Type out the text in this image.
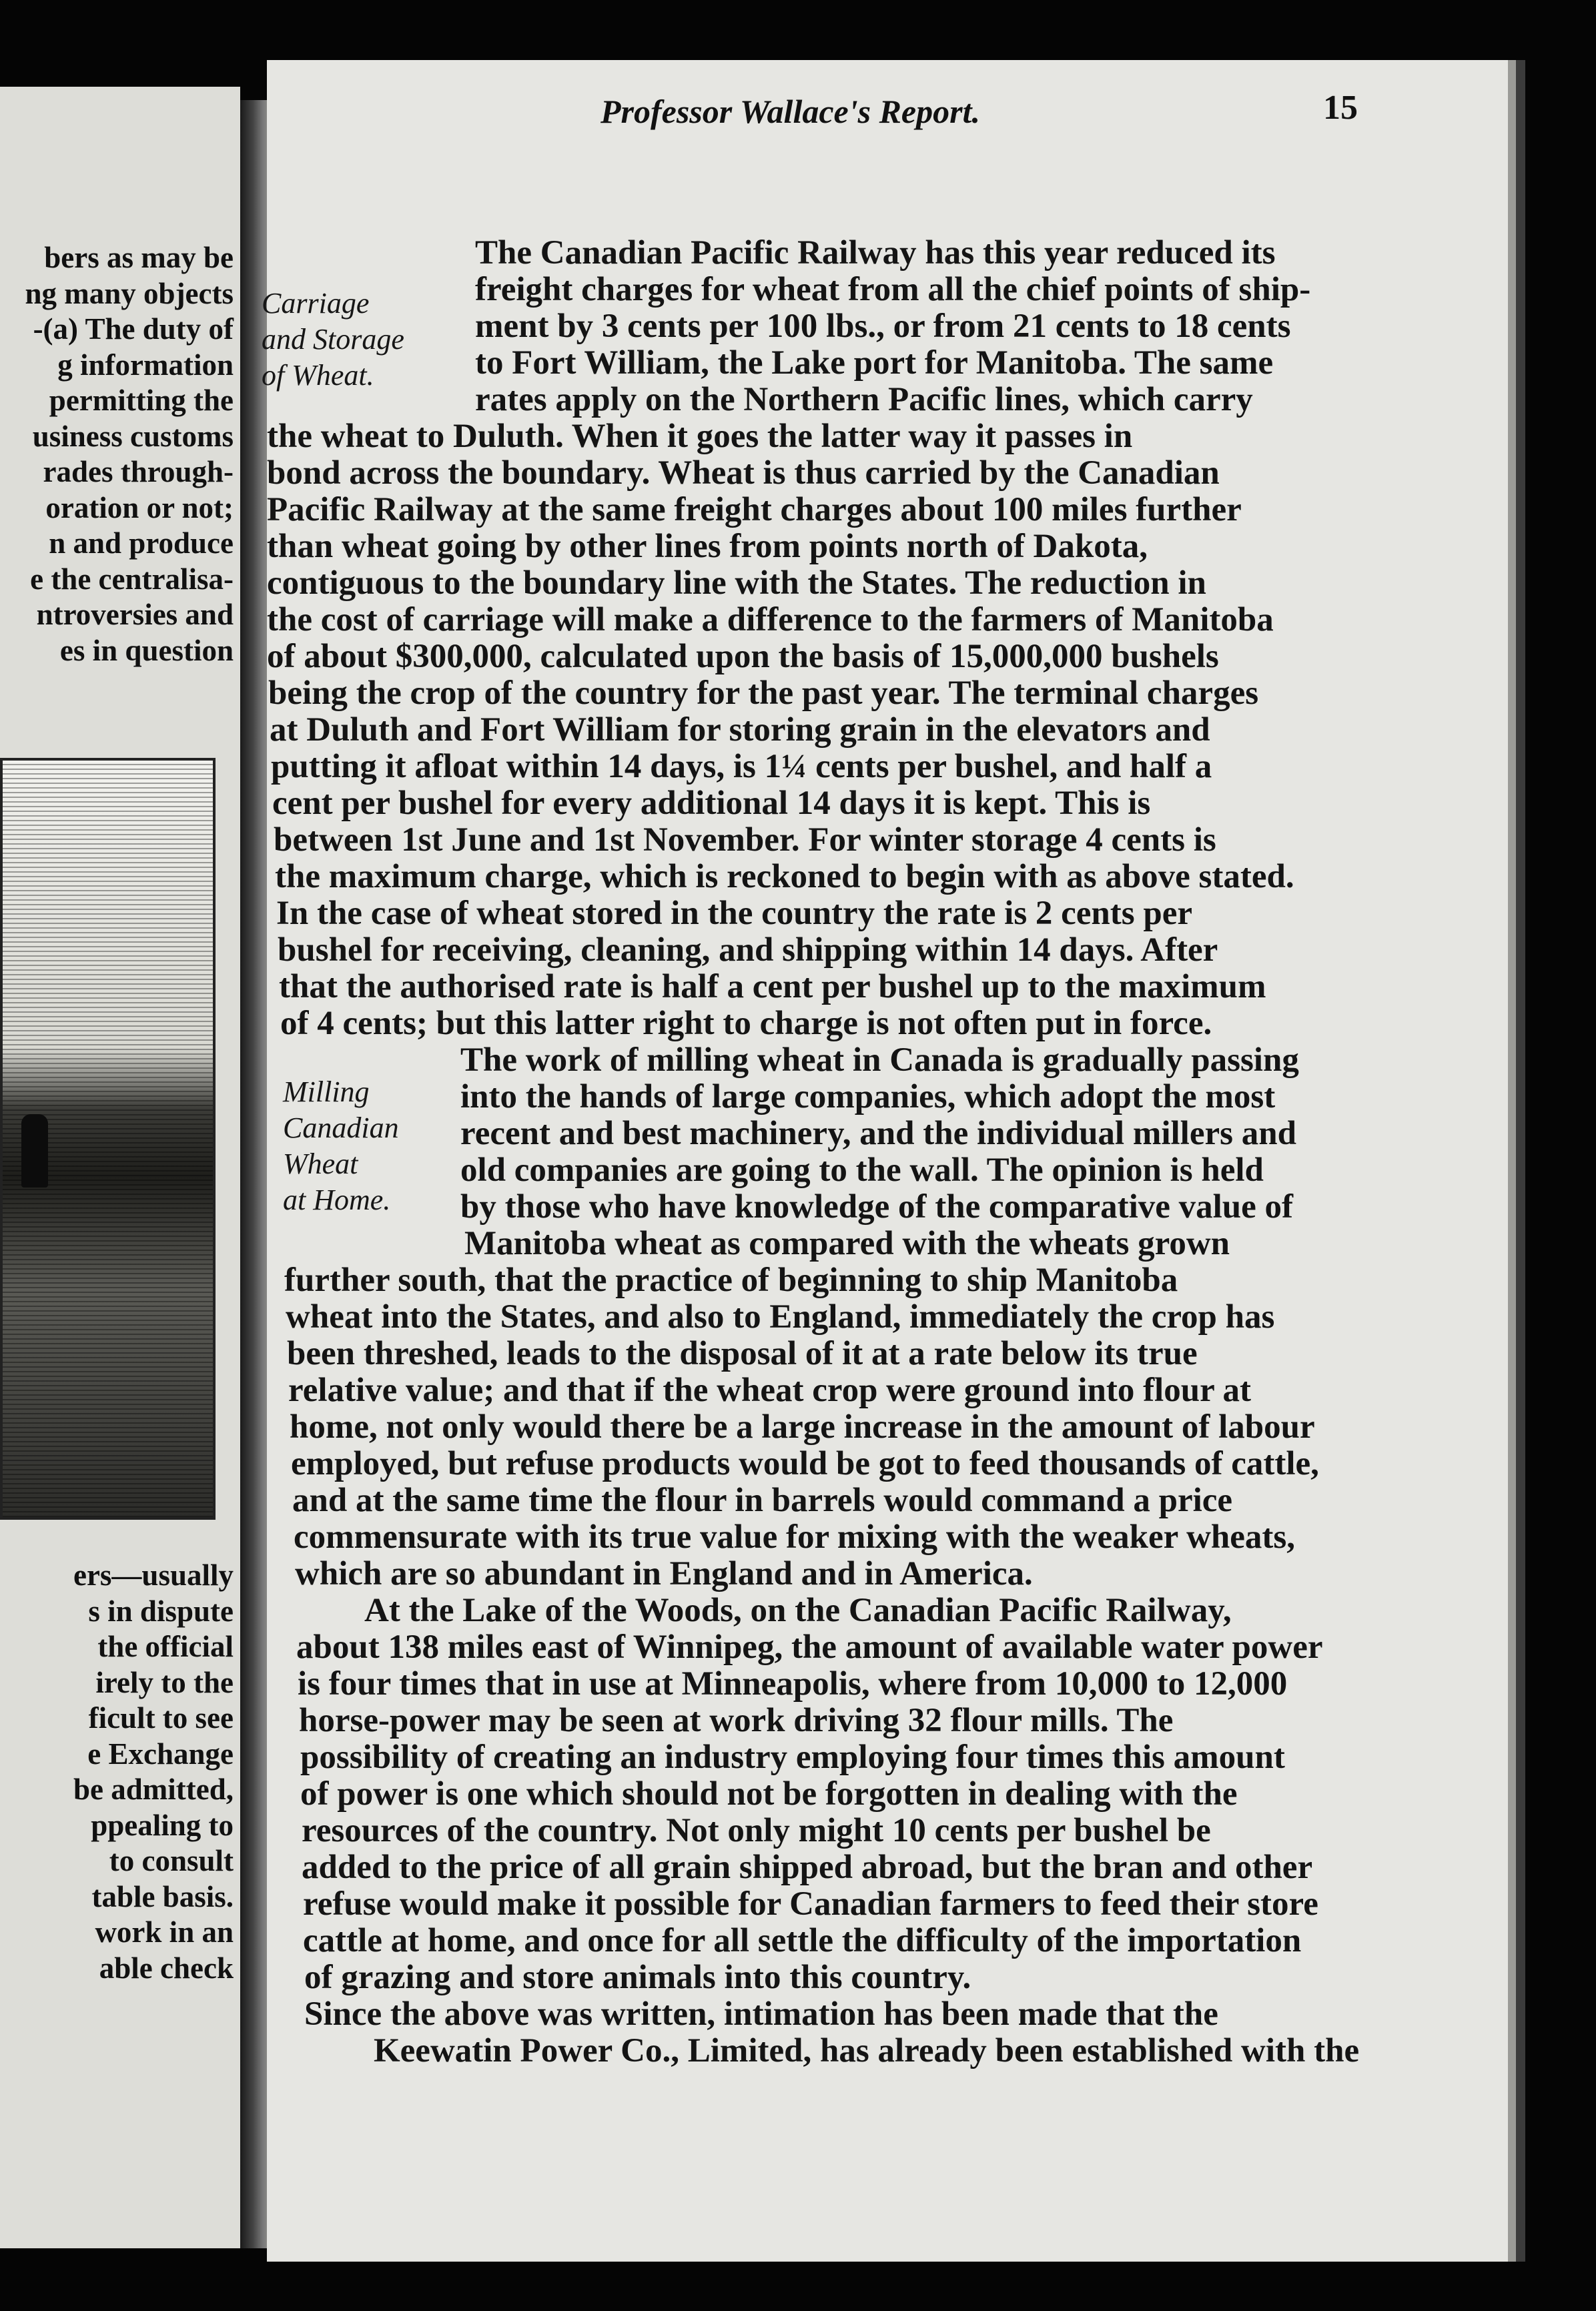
bers as may be
ng many objects
-(a) The duty of
g information
permitting the
usiness customs
rades through-
oration or not;
n and produce
e the centralisa-
ntroversies and
es in question
ers—usually
s in dispute
the official
irely to the
ficult to see
e Exchange
be admitted,
ppealing to
to consult
table basis.
work in an
able check
Professor Wallace's Report.	15
Carriage
and Storage
of Wheat.
Milling
Canadian
Wheat
at Home.
The Canadian Pacific Railway has this year reduced its
freight charges for wheat from all the chief points of ship-
ment by 3 cents per 100 lbs., or from 21 cents to 18 cents
to Fort William, the Lake port for Manitoba. The same
rates apply on the Northern Pacific lines, which carry
the wheat to Duluth. When it goes the latter way it passes in
bond across the boundary. Wheat is thus carried by the Canadian
Pacific Railway at the same freight charges about 100 miles further
than wheat going by other lines from points north of Dakota,
contiguous to the boundary line with the States. The reduction in
the cost of carriage will make a difference to the farmers of Manitoba
of about $300,000, calculated upon the basis of 15,000,000 bushels
being the crop of the country for the past year. The terminal charges
at Duluth and Fort William for storing grain in the elevators and
putting it afloat within 14 days, is 1¼ cents per bushel, and half a
cent per bushel for every additional 14 days it is kept. This is
between 1st June and 1st November. For winter storage 4 cents is
the maximum charge, which is reckoned to begin with as above stated.
In the case of wheat stored in the country the rate is 2 cents per
bushel for receiving, cleaning, and shipping within 14 days. After
that the authorised rate is half a cent per bushel up to the maximum
of 4 cents; but this latter right to charge is not often put in force.
The work of milling wheat in Canada is gradually passing
into the hands of large companies, which adopt the most
recent and best machinery, and the individual millers and
old companies are going to the wall. The opinion is held
by those who have knowledge of the comparative value of
Manitoba wheat as compared with the wheats grown
further south, that the practice of beginning to ship Manitoba
wheat into the States, and also to England, immediately the crop has
been threshed, leads to the disposal of it at a rate below its true
relative value; and that if the wheat crop were ground into flour at
home, not only would there be a large increase in the amount of labour
employed, but refuse products would be got to feed thousands of cattle,
and at the same time the flour in barrels would command a price
commensurate with its true value for mixing with the weaker wheats,
which are so abundant in England and in America.
At the Lake of the Woods, on the Canadian Pacific Railway,
about 138 miles east of Winnipeg, the amount of available water power
is four times that in use at Minneapolis, where from 10,000 to 12,000
horse-power may be seen at work driving 32 flour mills. The
possibility of creating an industry employing four times this amount
of power is one which should not be forgotten in dealing with the
resources of the country. Not only might 10 cents per bushel be
added to the price of all grain shipped abroad, but the bran and other
refuse would make it possible for Canadian farmers to feed their store
cattle at home, and once for all settle the difficulty of the importation
of grazing and store animals into this country.
Since the above was written, intimation has been made that the
Keewatin Power Co., Limited, has already been established with the
